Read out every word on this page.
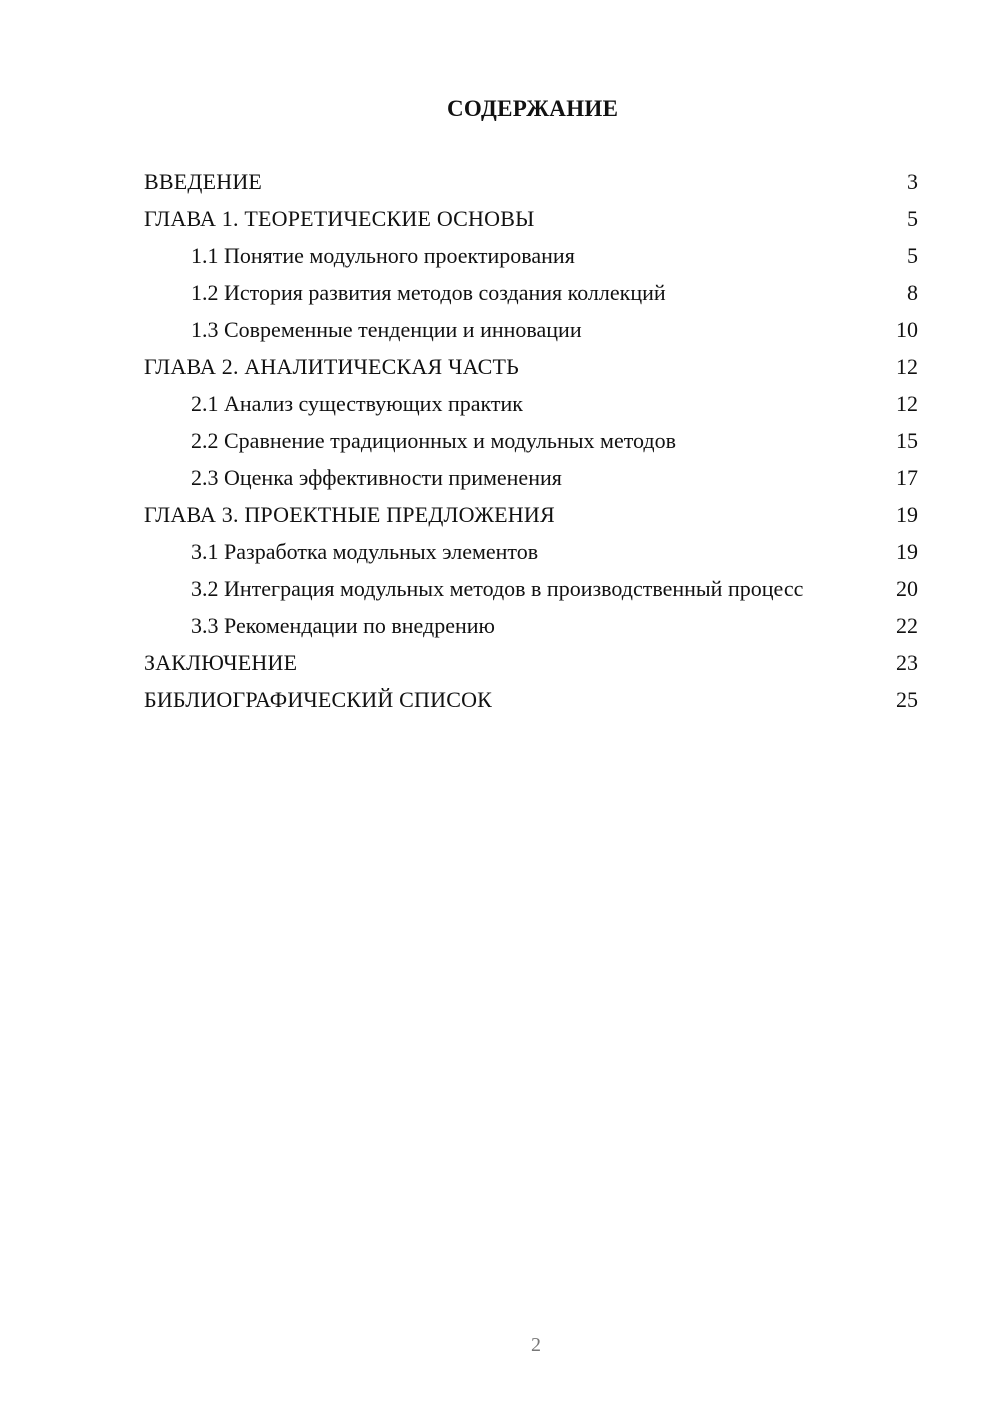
СОДЕРЖАНИЕ
ВВЕДЕНИЕ	3
ГЛАВА 1. ТЕОРЕТИЧЕСКИЕ ОСНОВЫ	5
1.1 Понятие модульного проектирования	5
1.2 История развития методов создания коллекций	8
1.3 Современные тенденции и инновации	10
ГЛАВА 2. АНАЛИТИЧЕСКАЯ ЧАСТЬ	12
2.1 Анализ существующих практик	12
2.2 Сравнение традиционных и модульных методов	15
2.3 Оценка эффективности применения	17
ГЛАВА 3. ПРОЕКТНЫЕ ПРЕДЛОЖЕНИЯ	19
3.1 Разработка модульных элементов	19
3.2 Интеграция модульных методов в производственный процесс	20
3.3 Рекомендации по внедрению	22
ЗАКЛЮЧЕНИЕ	23
БИБЛИОГРАФИЧЕСКИЙ СПИСОК	25
2
